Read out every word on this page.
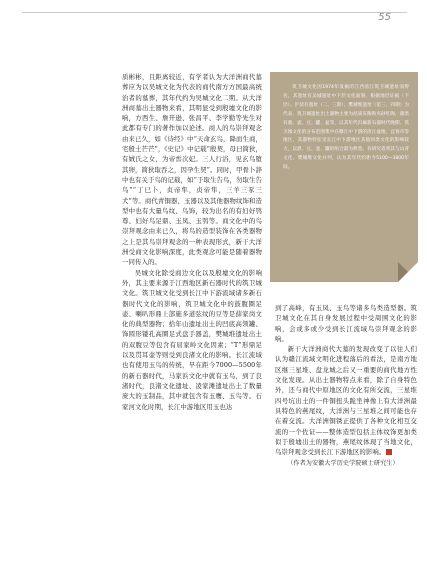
55

质彬彬，且距离较近，有学者认为大洋洲商代墓葬应为以吴城文化为代表的商代南方方国最高统治者的墓葬，其年代约为吴城文化二期。从大洋洲商墓出土器物来看，其明显受到殷墟文化的影响，方西生、詹开逊、张昌平、李学勤等先生对此都有专门的著作加以论述。商人的鸟崇拜观念由来已久，如《诗经》中“天命玄鸟，降而生商，宅殷土芒芒”，《史记》中记载“殷契，母曰简狄，有娀氏之女，为帝喾次妃。三人行浴，见玄鸟堕其卵，简狄取吞之，因孕生契”。同时，甲骨卜辞中也有关于鸟的记载，如“于取生告鸟，勿取生告鸟”“丁巳卜，贞帝隼，贞帝隼，三羊三豕三犬”等。商代青铜器、玉器以及其他器物纹饰和造型中也有大量鸟纹、鸟饰，较为出名的有妇好鸮尊、妇好鸟足鼎、玉凤、玉鸮等。商文化中的鸟崇拜观念由来已久，将鸟的造型装饰在各类器物之上是其鸟崇拜观念的一种表现形式，新干大洋洲受商文化影响深度，此类观念可能是随着器物一同传入的。

吴城文化除受商边文化以及殷墟文化的影响外，其主要来源于江西地区新石器时代的筑卫城文化。筑卫城文化受到长江中下游流域诸多新石器时代文化的影响，筑卫城文化中的鼓腹圈足壶、喇叭形鼎上部施多道弦纹的豆等是薛家岗文化的典型器物；拾年山遗址出土的凹底高领罐、饰圆形镂孔高圈足式盘手器盖，樊城堆遗址出土的双腹豆等包含有屈家岭文化因素；“T”形鼎足以及贯耳壶等则受到良渚文化的影响。长江流域也有使用玉鸟的传统，早在距今7000—5500年的新石器时代，马家浜文化中就有玉鸟，到了良渚时代，良渚文化遗址、凌家滩遗址出土了数量庞大的玉制品，其中就包含有玉鹰、玉鸟等。石家河文化时期，长江中游地区用玉也达

筑卫城文化因1974年发掘的江西清江筑卫城遗址而得名，其遗址有吴城遗址中下层文化面貌，根据地层证据（下层）、沪渎有遗址（二、三期）、樊城堆遗址（第三、四期）为代表，筑卫城遗址出土器物主要为泥质灰陶和夹砂红陶，器类有鼎、壶、豆、罐、盆等，以其年代归属新石器时代晚期。筑卫城文化的分布范围集中在赣江中下游的清江盆地、宜春市等地区，其器物特征受长江中下游地区其他同类文化的影响较大，以鼎、豆、壶、罐的组合最为典型。有研究者将其与山背文化、樊城堆文化并列，认为其年代约距今5100—3800年间。

到了高峰，有玉凤、玉鸟等诸多鸟类造型器。筑卫城文化在其自身发展过程中受周围文化的影响，会或多或少受到长江流域鸟崇拜观念的影响。

新干大洋洲商代大墓的发现改变了以往人们认为赣江流域文明化进程落后的看法，是南方地区继三星堆、盘龙城之后又一重要的商代地方性文化发现。从出土器物特点来看，除了自身特色外，还与商代中原地区的文化有所交流，三星堆四号坑出土的一件铜扭头跪坐神像上有大洋洲最具特色的燕尾纹，大洋洲与三星堆之间可能也存在着交流。大洋洲铜锈正提供了各种文化相互交流的一个佐证——整体造型包括主体纹饰更加类似于殷墟出土的器物，燕尾纹体现了当地文化，鸟崇拜观念受到长江下游地区的影响。

（作者为安徽大学历史学院硕士研究生）
